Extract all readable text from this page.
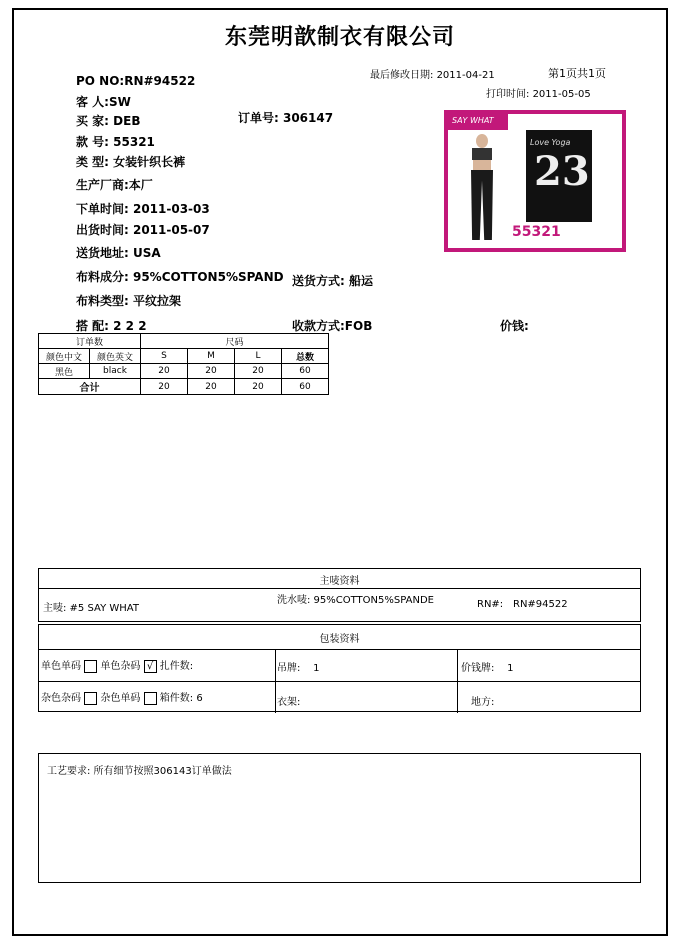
东莞明歆制衣有限公司
最后修改日期: 2011-04-21	第1页共1页
打印时间: 2011-05-05
PO NO:RN#94522
客 人:SW
买 家: DEB	订单号: 306147
款 号: 55321
类 型: 女装针织长裤
生产厂商:本厂
下单时间: 2011-03-03
出货时间: 2011-05-07
送货地址: USA
布料成分: 95%COTTON5%SPAND 送货方式: 船运
布料类型: 平纹拉架
搭 配: 2 2 2	收款方式:FOB	价钱:
SAY WHAT
Love Yoga
23
55321
订单数		尺码			
颜色中文	颜色英文	S	M	L	总数
黑色	black	20	20	20	60
合计		20	20	20	60
主唛资料
主唛: #5 SAY WHAT
洗水唛: 95%COTTON5%SPANDE	RN#: RN#94522
包装资料
单色单码 单色杂码 √ 扎件数:	吊牌: 1	价钱牌: 1
杂色杂码 杂色单码 箱件数: 6	衣架:	地方:
工艺要求: 所有细节按照306143订单做法
